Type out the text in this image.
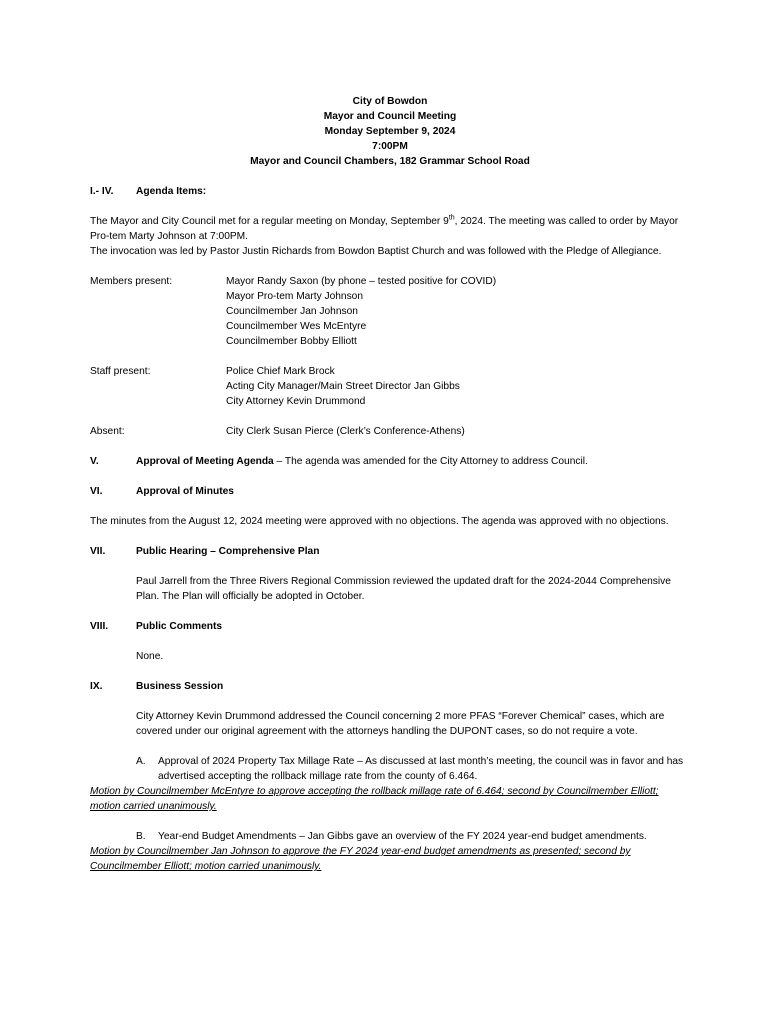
City of Bowdon
Mayor and Council Meeting
Monday September 9, 2024
7:00PM
Mayor and Council Chambers, 182 Grammar School Road
I.- IV.	Agenda Items:

The Mayor and City Council met for a regular meeting on Monday, September 9th, 2024. The meeting was called to order by Mayor Pro-tem Marty Johnson at 7:00PM.

The invocation was led by Pastor Justin Richards from Bowdon Baptist Church and was followed with the Pledge of Allegiance.

Members present:	Mayor Randy Saxon (by phone – tested positive for COVID)
Mayor Pro-tem Marty Johnson
Councilmember Jan Johnson
Councilmember Wes McEntyre
Councilmember Bobby Elliott
Staff present:	Police Chief Mark Brock
Acting City Manager/Main Street Director Jan Gibbs
City Attorney Kevin Drummond
Absent:	City Clerk Susan Pierce (Clerk’s Conference-Athens)
V.	Approval of Meeting Agenda – The agenda was amended for the City Attorney to address Council.
VI.	Approval of Minutes

The minutes from the August 12, 2024 meeting were approved with no objections. The agenda was approved with no objections.

VII.	Public Hearing – Comprehensive Plan

Paul Jarrell from the Three Rivers Regional Commission reviewed the updated draft for the 2024-2044 Comprehensive Plan. The Plan will officially be adopted in October.

VIII.	Public Comments

None.

IX.	Business Session

City Attorney Kevin Drummond addressed the Council concerning 2 more PFAS “Forever Chemical” cases, which are covered under our original agreement with the attorneys handling the DUPONT cases, so do not require a vote.

A.	Approval of 2024 Property Tax Millage Rate – As discussed at last month’s meeting, the council was in favor and has advertised accepting the rollback millage rate from the county of 6.464.

Motion by Councilmember McEntyre to approve accepting the rollback millage rate of 6.464; second by Councilmember Elliott; motion carried unanimously.

B.	Year-end Budget Amendments – Jan Gibbs gave an overview of the FY 2024 year-end budget amendments.

Motion by Councilmember Jan Johnson to approve the FY 2024 year-end budget amendments as presented; second by Councilmember Elliott; motion carried unanimously.
